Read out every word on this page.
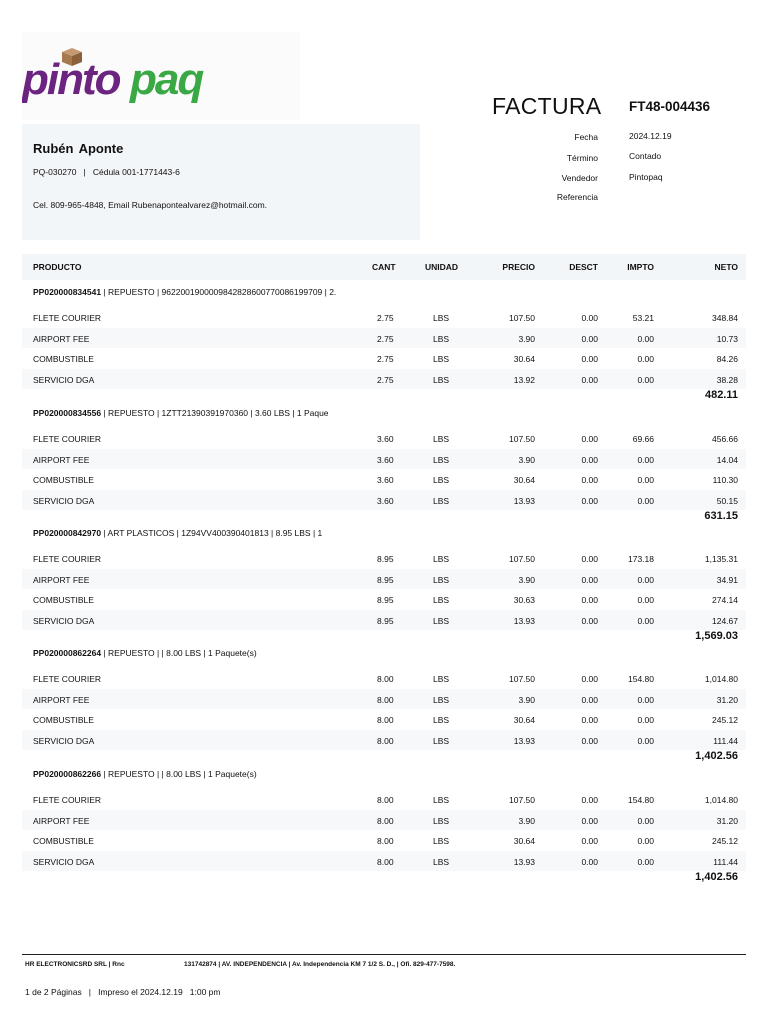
pinto paq
FACTURA FT48-004436
Rubén Aponte
PQ-030270   |   Cédula 001-1771443-6
Cel. 809-965-4848, Email Rubenapontealvarez@hotmail.com.
Fecha	2024.12.19
Término	Contado
Vendedor	Pintopaq
Referencia
PRODUCTO	CANT	UNIDAD	PRECIO	DESCT	IMPTO	NETO
PP020000834541 | REPUESTO | 9622001900009842828600770086199709 | 2.
FLETE COURIER	2.75	LBS	107.50	0.00	53.21	348.84
AIRPORT FEE	2.75	LBS	3.90	0.00	0.00	10.73
COMBUSTIBLE	2.75	LBS	30.64	0.00	0.00	84.26
SERVICIO DGA	2.75	LBS	13.92	0.00	0.00	38.28
482.11
PP020000834556 | REPUESTO | 1ZTT21390391970360 | 3.60 LBS | 1 Paque
FLETE COURIER	3.60	LBS	107.50	0.00	69.66	456.66
AIRPORT FEE	3.60	LBS	3.90	0.00	0.00	14.04
COMBUSTIBLE	3.60	LBS	30.64	0.00	0.00	110.30
SERVICIO DGA	3.60	LBS	13.93	0.00	0.00	50.15
631.15
PP020000842970 | ART PLASTICOS | 1Z94VV400390401813 | 8.95 LBS | 1
FLETE COURIER	8.95	LBS	107.50	0.00	173.18	1,135.31
AIRPORT FEE	8.95	LBS	3.90	0.00	0.00	34.91
COMBUSTIBLE	8.95	LBS	30.63	0.00	0.00	274.14
SERVICIO DGA	8.95	LBS	13.93	0.00	0.00	124.67
1,569.03
PP020000862264 | REPUESTO | | 8.00 LBS | 1 Paquete(s)
FLETE COURIER	8.00	LBS	107.50	0.00	154.80	1,014.80
AIRPORT FEE	8.00	LBS	3.90	0.00	0.00	31.20
COMBUSTIBLE	8.00	LBS	30.64	0.00	0.00	245.12
SERVICIO DGA	8.00	LBS	13.93	0.00	0.00	111.44
1,402.56
PP020000862266 | REPUESTO | | 8.00 LBS | 1 Paquete(s)
FLETE COURIER	8.00	LBS	107.50	0.00	154.80	1,014.80
AIRPORT FEE	8.00	LBS	3.90	0.00	0.00	31.20
COMBUSTIBLE	8.00	LBS	30.64	0.00	0.00	245.12
SERVICIO DGA	8.00	LBS	13.93	0.00	0.00	111.44
1,402.56
HR ELECTRONICSRD SRL | Rnc	131742874 | AV. INDEPENDENCIA | Av. Independencia KM 7 1/2 S. D., | Ofi. 829-477-7598.
1 de 2 Páginas   |   Impreso el 2024.12.19   1:00 pm
